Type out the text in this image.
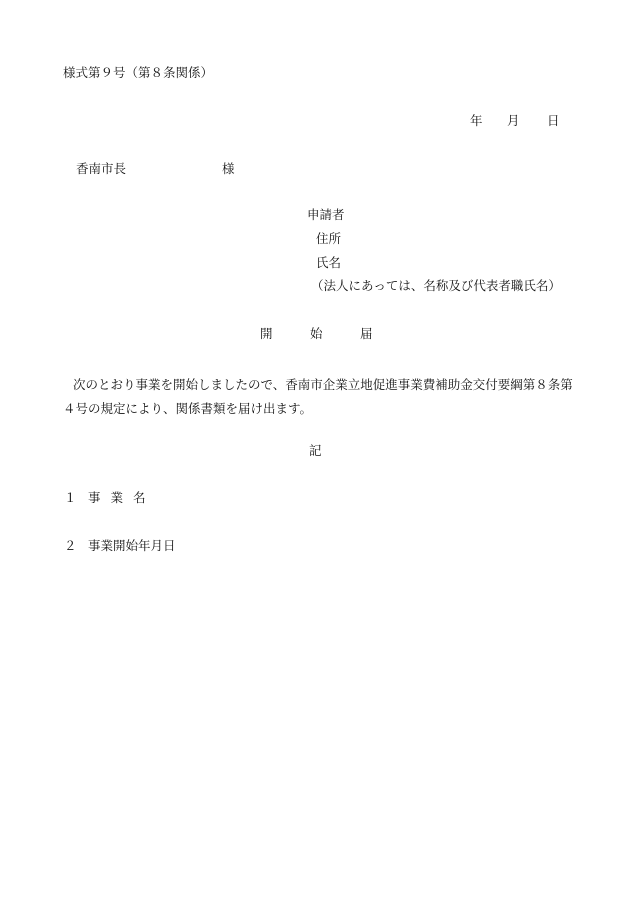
様式第９号（第８条関係）
年 月 日
香南市長	様
申請者
住所
氏名
（法人にあっては、名称及び代表者職氏名）
開	始	届

次のとおり事業を開始しましたので、香南市企業立地促進事業費補助金交付要綱第８条第

４号の規定により、関係書類を届け出ます。

記
１ 事業名
２ 事業開始年月日
